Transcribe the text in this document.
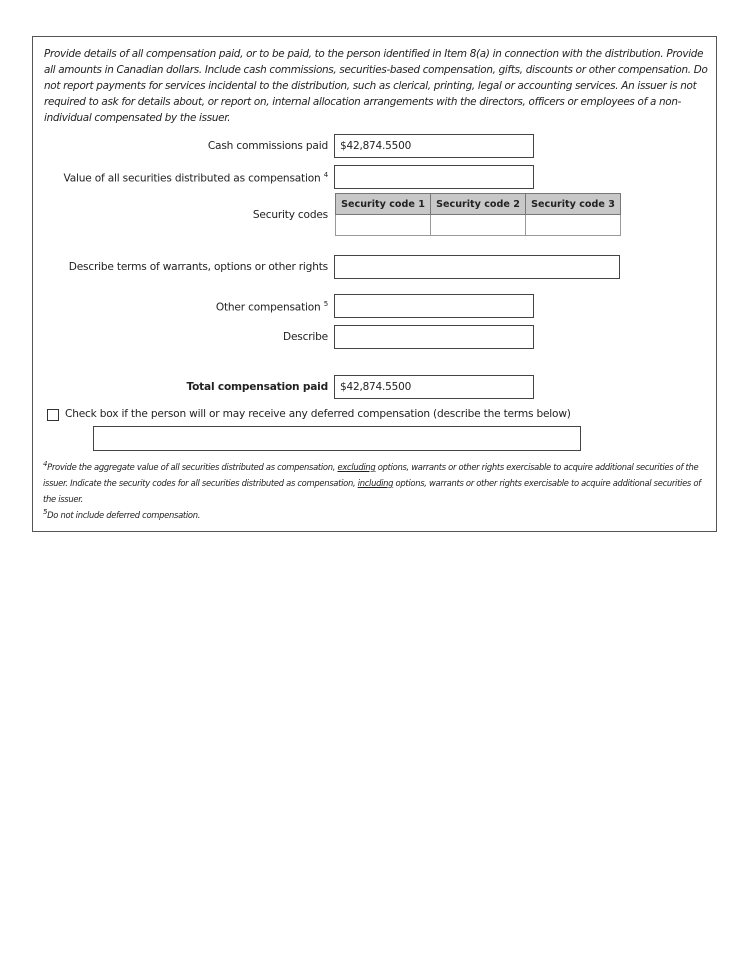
Provide details of all compensation paid, or to be paid, to the person identified in Item 8(a) in connection with the distribution. Provide all amounts in Canadian dollars. Include cash commissions, securities-based compensation, gifts, discounts or other compensation. Do not report payments for services incidental to the distribution, such as clerical, printing, legal or accounting services. An issuer is not required to ask for details about, or report on, internal allocation arrangements with the directors, officers or employees of a non-individual compensated by the issuer.
Cash commissions paid	$42,874.5500
Value of all securities distributed as compensation $^4$
Security codes
Security code 1	Security code 2	Security code 3

Describe terms of warrants, options or other rights
Other compensation $^5$
Describe
Total compensation paid	$42,874.5500
Check box if the person will or may receive any deferred compensation (describe the terms below)
$^4$Provide the aggregate value of all securities distributed as compensation, excluding options, warrants or other rights exercisable to acquire additional securities of the issuer. Indicate the security codes for all securities distributed as compensation, including options, warrants or other rights exercisable to acquire additional securities of the issuer.
$^5$Do not include deferred compensation.
